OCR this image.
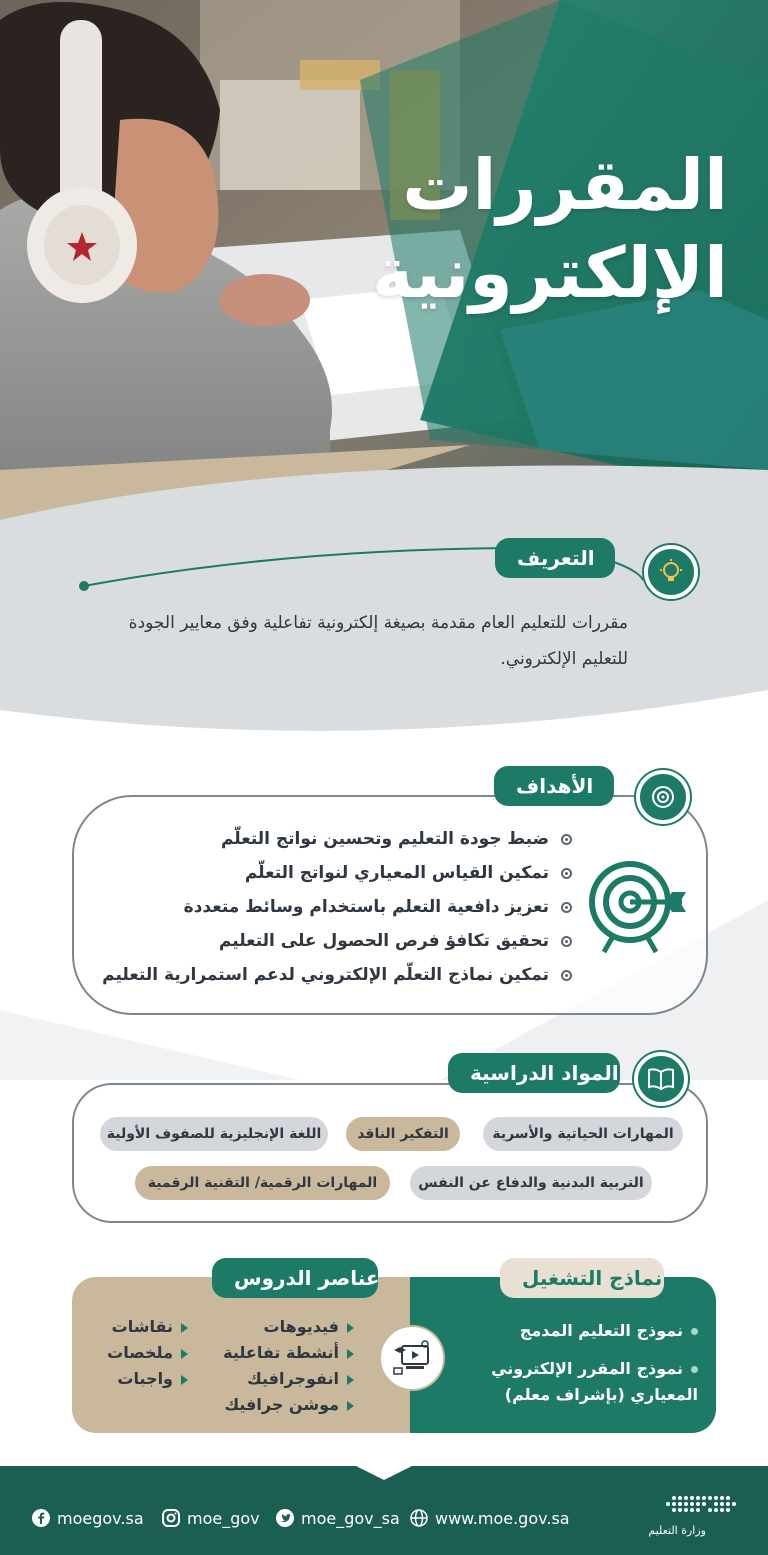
المقررات
الإلكترونية
التعريف
مقررات للتعليم العام مقدمة بصيغة إلكترونية تفاعلية وفق معايير الجودة للتعليم الإلكتروني.
الأهداف
ضبط جودة التعليم وتحسين نواتج التعلّم
تمكين القياس المعياري لنواتج التعلّم
تعزيز دافعية التعلم باستخدام وسائط متعددة
تحقيق تكافؤ فرص الحصول على التعليم
تمكين نماذج التعلّم الإلكتروني لدعم استمرارية التعليم
المواد الدراسية
المهارات الحياتية والأسرية
التفكير الناقد
اللغة الإنجليزية للصفوف الأولية
التربية البدنية والدفاع عن النفس
المهارات الرقمية/ التقنية الرقمية
عناصر الدروس	نماذج التشغيل
فيديوهات
أنشطة تفاعلية
انفوجرافيك
موشن جرافيك
نقاشات
ملخصات
واجبات
نموذج التعليم المدمج
نموذج المقرر الإلكتروني المعياري (بإشراف معلم)
moegov.sa	moe_gov	moe_gov_sa www.moe.gov.sa
وزارة التعليم
